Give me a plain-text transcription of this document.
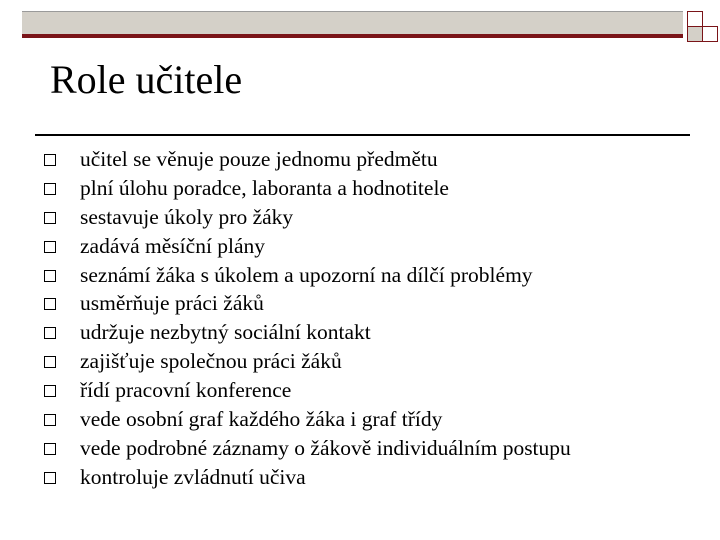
Role učitele
učitel se věnuje pouze jednomu předmětu
plní úlohu poradce, laboranta a hodnotitele
sestavuje úkoly pro žáky
zadává měsíční plány
seznámí žáka s úkolem a upozorní na dílčí problémy
usměrňuje práci žáků
udržuje nezbytný sociální kontakt
zajišťuje společnou práci žáků
řídí pracovní konference
vede osobní graf každého žáka i graf třídy
vede podrobné záznamy o žákově individuálním postupu
kontroluje zvládnutí učiva
